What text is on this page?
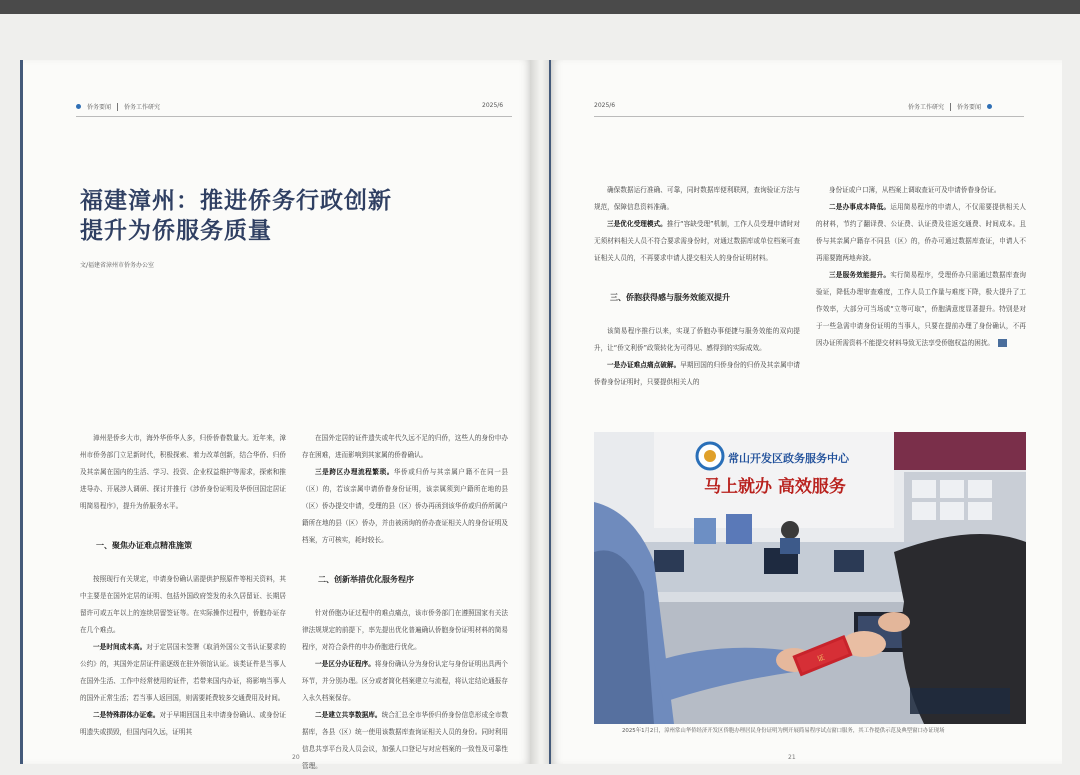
侨务要闻 侨务工作研究	2025/6
福建漳州：推进侨务行政创新
提升为侨服务质量
文/福建省漳州市侨务办公室

漳州是侨乡大市，海外华侨华人多，归侨侨眷数量大。近年来，漳州市侨务部门立足新时代，积极探索、着力改革创新，结合华侨、归侨及其亲属在国内的生活、学习、投资、企业权益维护等需求，探索和推进导办、开展涉人调研、探讨并推行《涉侨身份证明及华侨回国定居证明简易程序》，提升为侨服务水平。

一、聚焦办证难点精准施策

按照现行有关规定，申请身份确认需提供护照原件等相关资料，其中主要是在国外定居的证明、包括外国政府签发的永久居留证、长期居留许可或五年以上的连续居留签证等。在实际操作过程中，侨胞办证存在几个难点。

一是时间成本高。对于定居国未签署《取消外国公文书认证要求的公约》的，其国外定居证件需逐级在驻外领馆认证。该类证件是当事人在国外生活、工作中经常使用的证件，若带来国内办证，将影响当事人的国外正常生活；若当事人返回国，则需要耗费较多交通费用及时间。

二是特殊群体办证难。对于早期回国且未申请身份确认、或身份证明遗失或损毁，但国内同久远，证明其

在国外定居的证件遗失或年代久远不足的归侨，这些人的身份申办存在困难，进而影响到其家属的侨眷确认。

三是跨区办理流程繁琐。华侨或归侨与其亲属户籍不在同一县（区）的，若该亲属申请侨眷身份证明，该亲属须到户籍所在地的县（区）侨办提交申请，受理的县（区）侨办再函到该华侨或归侨所属户籍所在地的县（区）侨办，并由被函询的侨办查证相关人的身份证明及档案，方可核实，耗时较长。

二、创新举措优化服务程序

针对侨胞办证过程中的难点痛点，该市侨务部门在遵照国家有关法律法规规定的前提下，率先提出优化普遍确认侨胞身份证明材料的简易程序，对符合条件的申办侨胞进行优化。

一是区分办证程序。将身份确认分为身份认定与身份证明出具两个环节，并分别办理。区分或者简化档案建立与流程，将认定结论通报存入永久档案保存。

二是建立共享数据库。统合汇总全市华侨归侨身份信息形成全市数据库，各县（区）统一使用该数据库查询证相关人员的身份。同时利用信息共享平台及人员会议，加强人口登记与对应档案的一致性及可靠性管理。

20
2025/6	侨务工作研究 侨务要闻

确保数据运行准确、可靠，同时数据库便利联网，查询验证方法与规范，保障信息资料准确。

三是优化受理模式。推行“容缺受理”机制，工作人员受理申请时对无须材料相关人员不符合要求需身份时，对通过数据库或单位档案可查证相关人员的，不再要求申请人提交相关人的身份证明材料。

三、侨胞获得感与服务效能双提升

该简易程序推行以来，实现了侨胞办事便捷与服务效能的双向提升，让“侨文利侨”政策转化为可得见、感得到的实际成效。

一是办证难点痛点破解。早期回国的归侨身份的归侨及其亲属申请侨眷身份证明时，只要提供相关人的

身份证或户口簿，从档案上调取查证可及申请侨眷身份证。

二是办事成本降低。运用简易程序的申请人，不仅需要提供相关人的材料，节约了翻译费、公证费、认证费及往返交通费、时间成本。且侨与其亲属户籍存不同县（区）的，侨办可通过数据库查证，申请人不再需要跑两地奔波。

三是服务效能提升。实行简易程序，受理侨办只需通过数据库查询验证，降低办理审查难度，工作人员工作量与难度下降，极大提升了工作效率，大部分可当场或“立等可取”，侨胞满意度显著提升。特别是对于一些急需申请身份证明的当事人，只要在提前办理了身份确认，不再因办证所需资料不能提交材料导致无法享受侨胞权益的困扰。

常山开发区政务服务中心
马上就办 高效服务
证
2025年1月2日，漳州常山华侨经济开发区侨胞办理居民身份证明为例开展简易程序试点窗口服务，其工作提供示范及典型窗口办证现场
21
